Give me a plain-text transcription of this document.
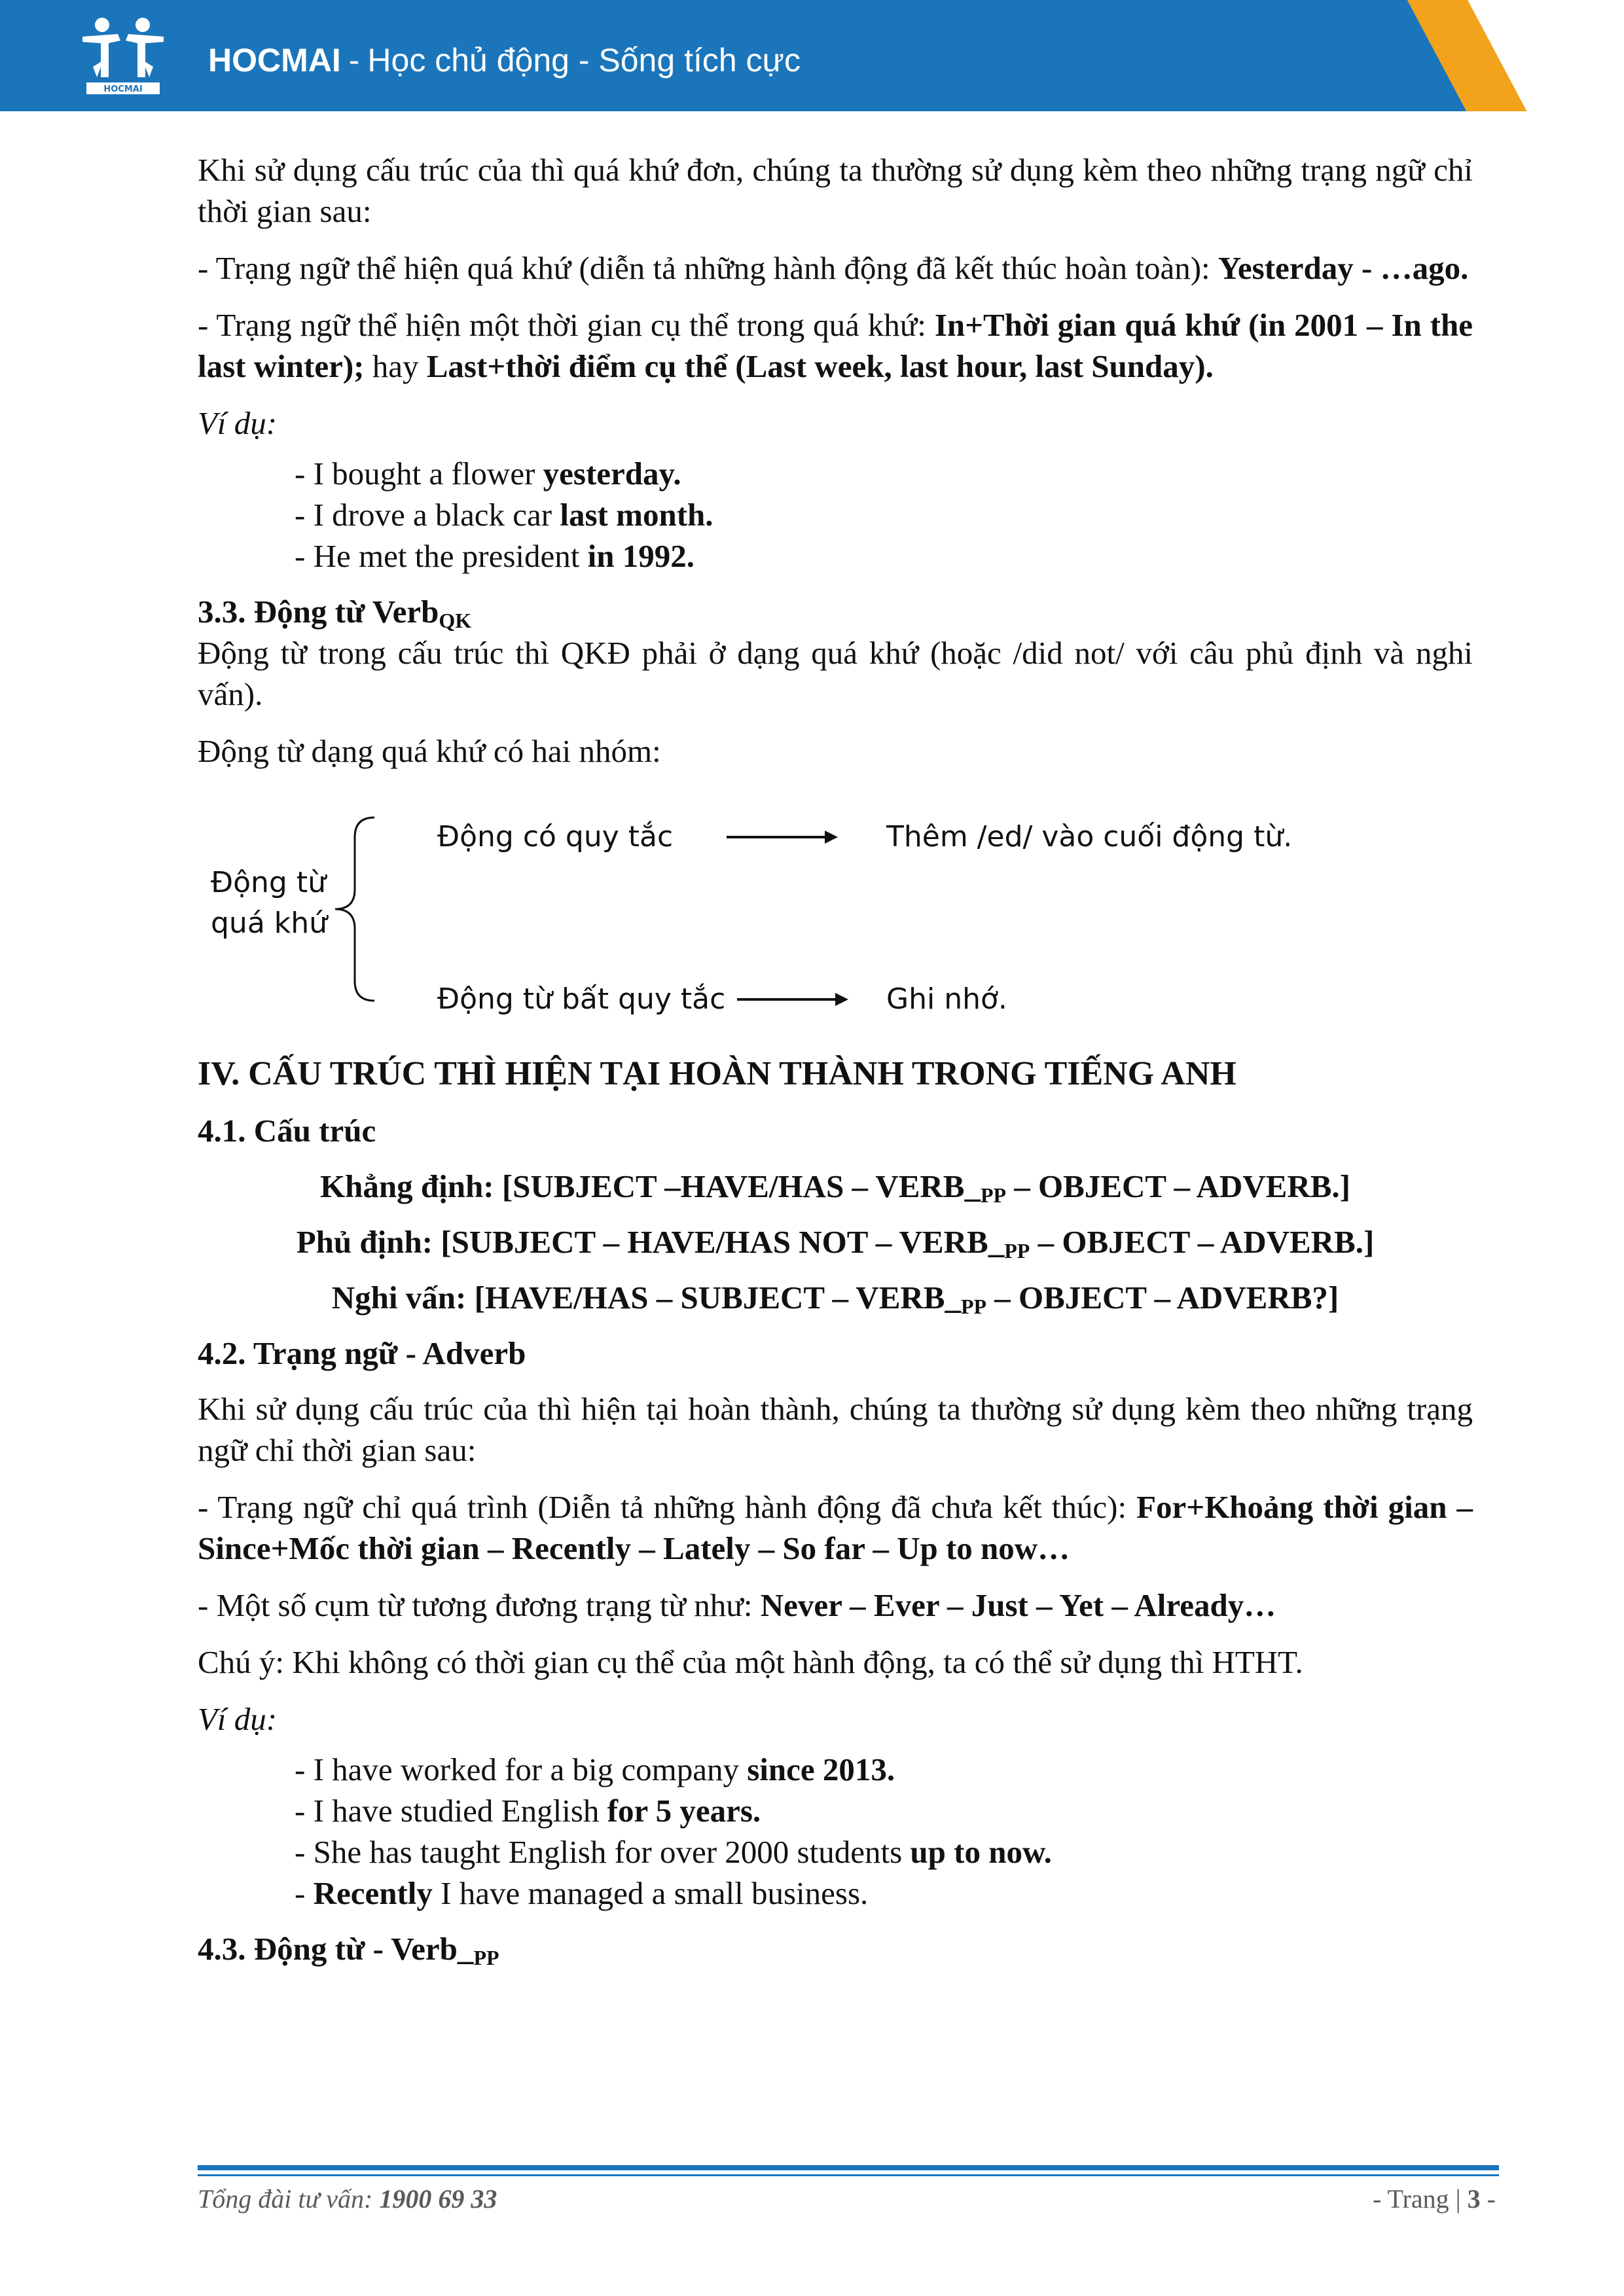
HOCMAI
HOCMAI - Học chủ động - Sống tích cực

Khi sử dụng cấu trúc của thì quá khứ đơn, chúng ta thường sử dụng kèm theo những trạng ngữ chỉ thời gian sau:

- Trạng ngữ thể hiện quá khứ (diễn tả những hành động đã kết thúc hoàn toàn): Yesterday - …ago.

- Trạng ngữ thể hiện một thời gian cụ thể trong quá khứ: In+Thời gian quá khứ (in 2001 – In the last winter); hay Last+thời điểm cụ thể (Last week, last hour, last Sunday).

Ví dụ:

- I bought a flower yesterday.
- I drove a black car last month.
- He met the president in 1992.

3.3. Động từ Verb$_{QK}$

Động từ trong cấu trúc thì QKĐ phải ở dạng quá khứ (hoặc /did not/ với câu phủ định và nghi vấn).

Động từ dạng quá khứ có hai nhóm:

Động từ
quá khứ
Động có quy tắc	Thêm /ed/ vào cuối động từ.
Động từ bất quy tắc	Ghi nhớ.

IV. CẤU TRÚC THÌ HIỆN TẠI HOÀN THÀNH TRONG TIẾNG ANH

4.1. Cấu trúc

Khẳng định: [SUBJECT –HAVE/HAS – $VERB\__{PP}$ – OBJECT – ADVERB.]

Phủ định: [SUBJECT – HAVE/HAS NOT – $VERB\__{PP}$ – OBJECT – ADVERB.]

Nghi vấn: [HAVE/HAS – SUBJECT – $VERB\__{PP}$ – OBJECT – ADVERB?]

4.2. Trạng ngữ - Adverb

Khi sử dụng cấu trúc của thì hiện tại hoàn thành, chúng ta thường sử dụng kèm theo những trạng ngữ chỉ thời gian sau:

- Trạng ngữ chỉ quá trình (Diễn tả những hành động đã chưa kết thúc): For+Khoảng thời gian – Since+Mốc thời gian – Recently – Lately – So far – Up to now…

- Một số cụm từ tương đương trạng từ như: Never – Ever – Just – Yet – Already…

Chú ý: Khi không có thời gian cụ thể của một hành động, ta có thể sử dụng thì HTHT.

Ví dụ:

- I have worked for a big company since 2013.
- I have studied English for 5 years.
- She has taught English for over 2000 students up to now.
- Recently I have managed a small business.

4.3. Động từ - $Verb\__{PP}$

Tổng đài tư vấn: 1900 69 33	- Trang | 3 -
